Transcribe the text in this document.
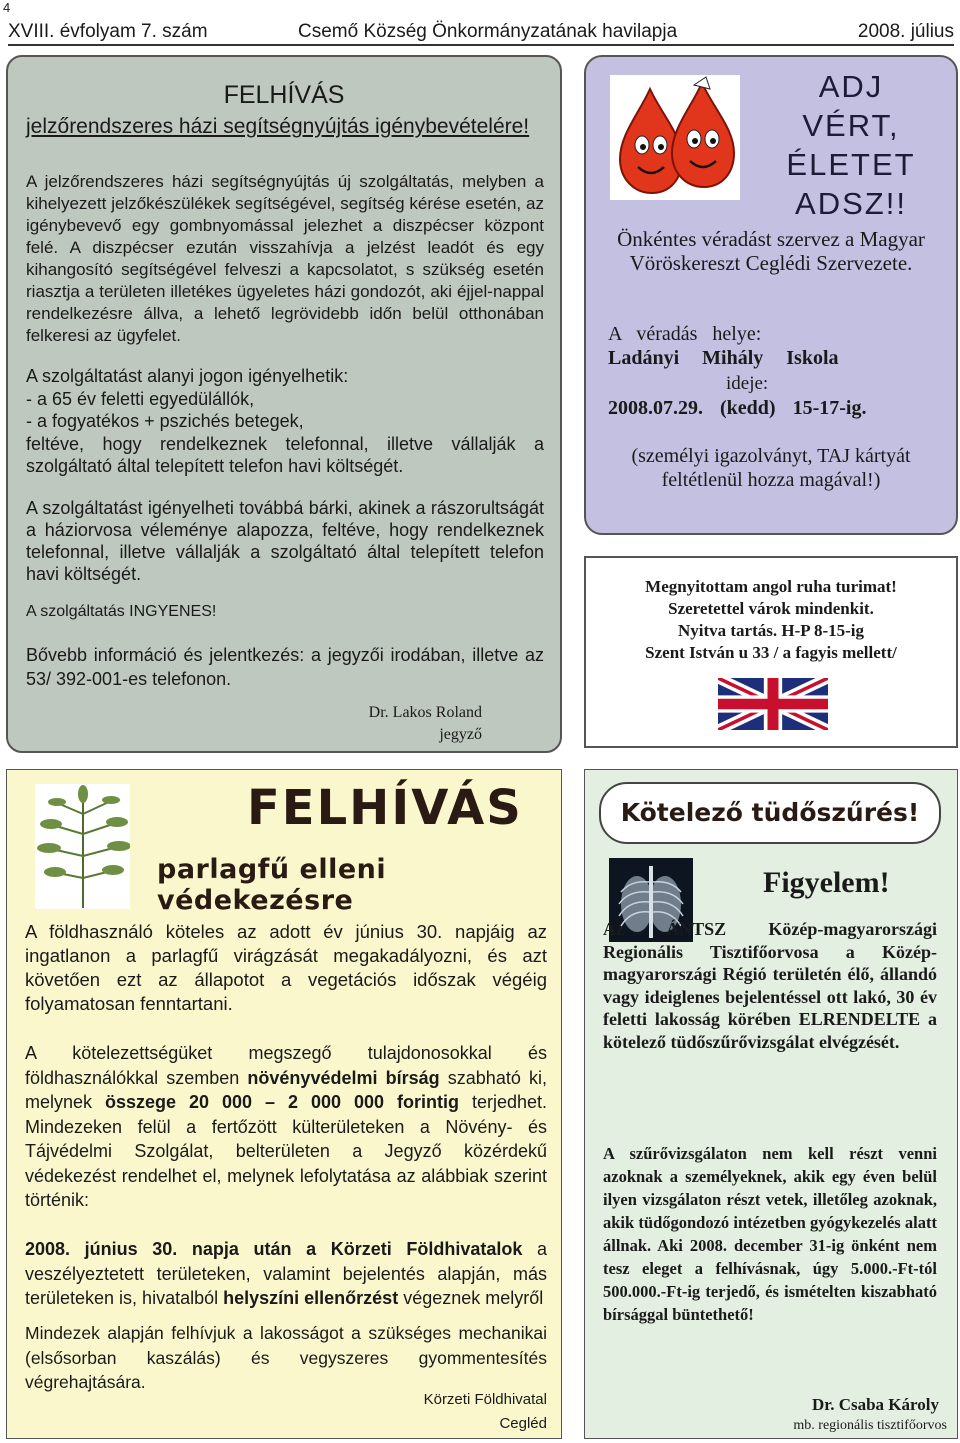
4
XVIII. évfolyam 7. szám	Csemő Község Önkormányzatának havilapja	2008. július
FELHÍVÁS
jelzőrendszeres házi segítségnyújtás igénybevételére!
A jelzőrendszeres házi segítségnyújtás új szolgáltatás, melyben a kihelyezett jelzőkészülékek segítségével, segítség kérése esetén, az igénybevevő egy gombnyomással jelezhet a diszpécser központ felé. A diszpécser ezután visszahívja a jelzést leadót és egy kihangosító segítségével felveszi a kapcsolatot, s szükség esetén riasztja a területen illetékes ügyeletes házi gondozót, aki éjjel-nappal rendelkezésre állva, a lehető legrövidebb időn belül otthonában felkeresi az ügyfelet.
A szolgáltatást alanyi jogon igényelhetik:
- a 65 év feletti egyedülállók,
- a fogyatékos + pszichés betegek,
feltéve, hogy rendelkeznek telefonnal, illetve vállalják a szolgáltató által telepített telefon havi költségét.
A szolgáltatást igényelheti továbbá bárki, akinek a rászorultságát a háziorvosa véleménye alapozza, feltéve, hogy rendelkeznek telefonnal, illetve vállalják a szolgáltató által telepített telefon havi költségét.
A szolgáltatás INGYENES!
Bővebb információ és jelentkezés: a jegyzői irodában, illetve az 53/ 392-001-es telefonon.
Dr. Lakos Roland
jegyző
ADJ
VÉRT,
ÉLETET
ADSZ!!
Önkéntes véradást szervez a Magyar Vöröskereszt Ceglédi Szervezete.
A véradás helye:
Ladányi Mihály Iskola
ideje:
2008.07.29. (kedd) 15-17-ig.
(személyi igazolványt, TAJ kártyát feltétlenül hozza magával!)
Megnyitottam angol ruha turimat!
Szeretettel várok mindenkit.
Nyitva tartás. H-P 8-15-ig
Szent István u 33 / a fagyis mellett/
FELHÍVÁS
parlagfű elleni védekezésre
A földhasználó köteles az adott év június 30. napjáig az ingatlanon a parlagfű virágzását megakadályozni, és azt követően ezt az állapotot a vegetációs időszak végéig folyamatosan fenntartani.
A kötelezettségüket megszegő tulajdonosokkal és földhasználókkal szemben növényvédelmi bírság szabható ki, melynek összege 20 000 – 2 000 000 forintig terjedhet. Mindezeken felül a fertőzött külterületeken a Növény- és Tájvédelmi Szolgálat, belterületen a Jegyző közérdekű védekezést rendelhet el, melynek lefolytatása az alábbiak szerint történik:
2008. június 30. napja után a Körzeti Földhivatalok a veszélyeztetett területeken, valamint bejelentés alapján, más területeken is, hivatalból helyszíni ellenőrzést végeznek melyről
Mindezek alapján felhívjuk a lakosságot a szükséges mechanikai (elsősorban kaszálás) és vegyszeres gyommentesítés végrehajtására.
Körzeti Földhivatal
Cegléd
Kötelező tüdőszűrés!
Figyelem!
Az ÁNTSZ Közép-magyarországi Regionális Tisztifőorvosa a Közép-magyarországi Régió területén élő, állandó vagy ideiglenes bejelentéssel ott lakó, 30 év feletti lakosság körében ELRENDELTE a kötelező tüdőszűrővizsgálat elvégzését.
A szűrővizsgálaton nem kell részt venni azoknak a személyeknek, akik egy éven belül ilyen vizsgálaton részt vetek, illetőleg azoknak, akik tüdőgondozó intézetben gyógykezelés alatt állnak. Aki 2008. december 31-ig önként nem tesz eleget a felhívásnak, úgy 5.000.-Ft-tól 500.000.-Ft-ig terjedő, és ismételten kiszabható bírsággal büntethető!
Dr. Csaba Károly
mb. regionális tisztifőorvos
